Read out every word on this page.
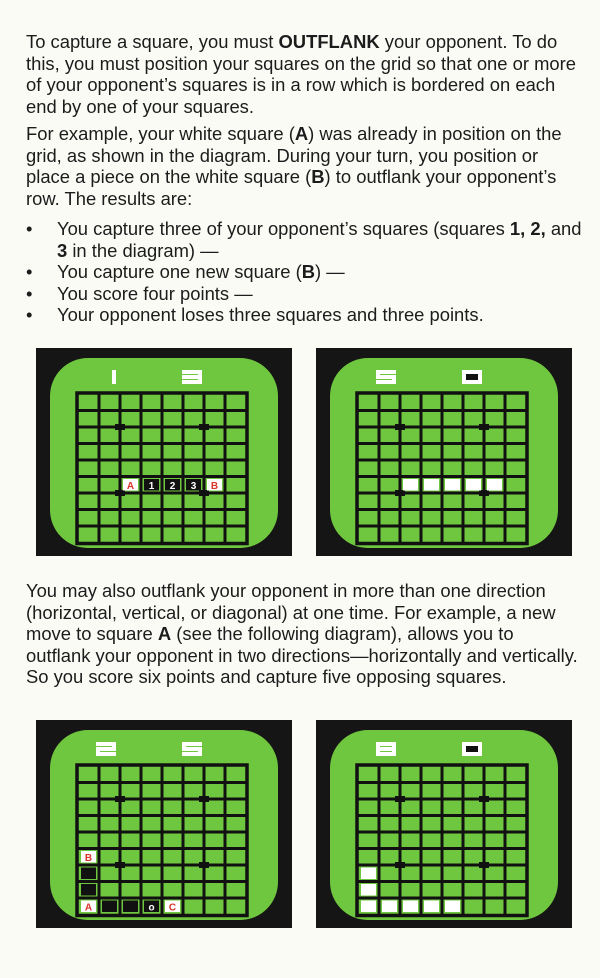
To capture a square, you must OUTFLANK your opponent. To do this, you must position your squares on the grid so that one or more of your opponent’s squares is in a row which is bordered on each end by one of your squares.

For example, your white square (A) was already in position on the grid, as shown in the diagram. During your turn, you position or place a piece on the white square (B) to outflank your opponent’s row. The results are:

• You capture three of your opponent’s squares (squares 1, 2, and 3 in the diagram) —
• You capture one new square (B) —
• You score four points —
• Your opponent loses three squares and three points.
A 1 2 3 B

You may also outflank your opponent in more than one direction (horizontal, vertical, or diagonal) at one time. For example, a new move to square A (see the following diagram), allows you to outflank your opponent in two directions—horizontally and vertically. So you score six points and capture five opposing squares.

B
A	o C
